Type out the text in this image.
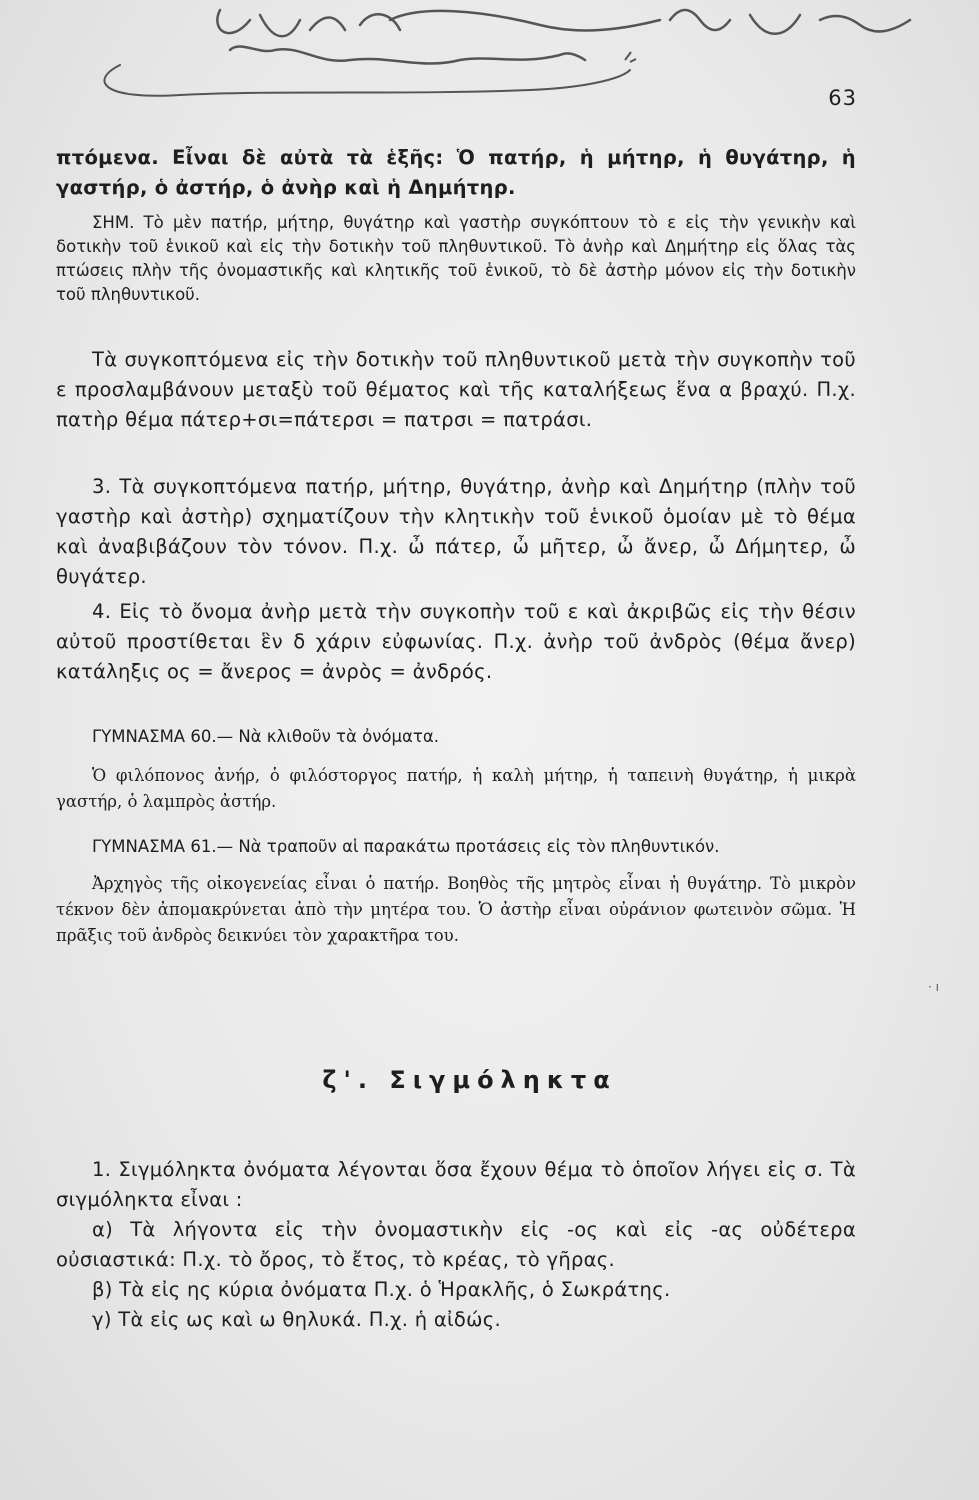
63

πτόμενα. Εἶναι δὲ αὐτὰ τὰ ἑξῆς: Ὁ πατήρ, ἡ μήτηρ, ἡ θυγάτηρ, ἡ γαστήρ, ὁ ἀστήρ, ὁ ἀνὴρ καὶ ἡ Δημήτηρ.

ΣΗΜ. Τὸ μὲν πατήρ, μήτηρ, θυγάτηρ καὶ γαστὴρ συγκόπτουν τὸ ε εἰς τὴν γενικὴν καὶ δοτικὴν τοῦ ἑνικοῦ καὶ εἰς τὴν δοτικὴν τοῦ πληθυντικοῦ. Τὸ ἀνὴρ καὶ Δημήτηρ εἰς ὅλας τὰς πτώσεις πλὴν τῆς ὀνομαστικῆς καὶ κλητικῆς τοῦ ἑνικοῦ, τὸ δὲ ἀστὴρ μόνον εἰς τὴν δοτικὴν τοῦ πληθυντικοῦ.

Τὰ συγκοπτόμενα εἰς τὴν δοτικὴν τοῦ πληθυντικοῦ μετὰ τὴν συγκοπὴν τοῦ ε προσλαμβάνουν μεταξὺ τοῦ θέματος καὶ τῆς καταλήξεως ἕνα α βραχύ. Π.χ. πατὴρ θέμα πάτερ+σι=πάτερσι = πατρσι = πατράσι.

3. Τὰ συγκοπτόμενα πατήρ, μήτηρ, θυγάτηρ, ἀνὴρ καὶ Δημήτηρ (πλὴν τοῦ γαστὴρ καὶ ἀστὴρ) σχηματίζουν τὴν κλητικὴν τοῦ ἑνικοῦ ὁμοίαν μὲ τὸ θέμα καὶ ἀναβιβάζουν τὸν τόνον. Π.χ. ὦ πάτερ, ὦ μῆτερ, ὦ ἄνερ, ὦ Δήμητερ, ὦ θυγάτερ.

4. Εἰς τὸ ὄνομα ἀνὴρ μετὰ τὴν συγκοπὴν τοῦ ε καὶ ἀκριβῶς εἰς τὴν θέσιν αὐτοῦ προστίθεται ἓν δ χάριν εὐφωνίας. Π.χ. ἀνὴρ τοῦ ἀνδρὸς (θέμα ἄνερ) κατάληξις ος = ἄνερος = ἀνρὸς = ἀνδρός.

ΓΥΜΝΑΣΜΑ 60.— Νὰ κλιθοῦν τὰ ὀνόματα.

Ὁ φιλόπονος ἀνήρ, ὁ φιλόστοργος πατήρ, ἡ καλὴ μήτηρ, ἡ ταπεινὴ θυγάτηρ, ἡ μικρὰ γαστήρ, ὁ λαμπρὸς ἀστήρ.

ΓΥΜΝΑΣΜΑ 61.— Νὰ τραποῦν αἱ παρακάτω προτάσεις εἰς τὸν πληθυντικόν.

Ἀρχηγὸς τῆς οἰκογενείας εἶναι ὁ πατήρ. Βοηθὸς τῆς μητρὸς εἶναι ἡ θυγάτηρ. Τὸ μικρὸν τέκνον δὲν ἀπομακρύνεται ἀπὸ τὴν μητέρα του. Ὁ ἀστὴρ εἶναι οὐράνιον φωτεινὸν σῶμα. Ἡ πρᾶξις τοῦ ἀνδρὸς δεικνύει τὸν χαρακτῆρα του.

· ı
ζ'. Σιγμόληκτα

1. Σιγμόληκτα ὀνόματα λέγονται ὅσα ἔχουν θέμα τὸ ὁποῖον λήγει εἰς σ. Τὰ σιγμόληκτα εἶναι :

α) Τὰ λήγοντα εἰς τὴν ὀνομαστικὴν εἰς -ος καὶ εἰς -ας οὐδέτερα οὐσιαστικά: Π.χ. τὸ ὄρος, τὸ ἔτος, τὸ κρέας, τὸ γῆρας.

β) Τὰ εἰς ης κύρια ὀνόματα Π.χ. ὁ Ἡρακλῆς, ὁ Σωκράτης.

γ) Τὰ εἰς ως καὶ ω θηλυκά. Π.χ. ἡ αἰδώς.
